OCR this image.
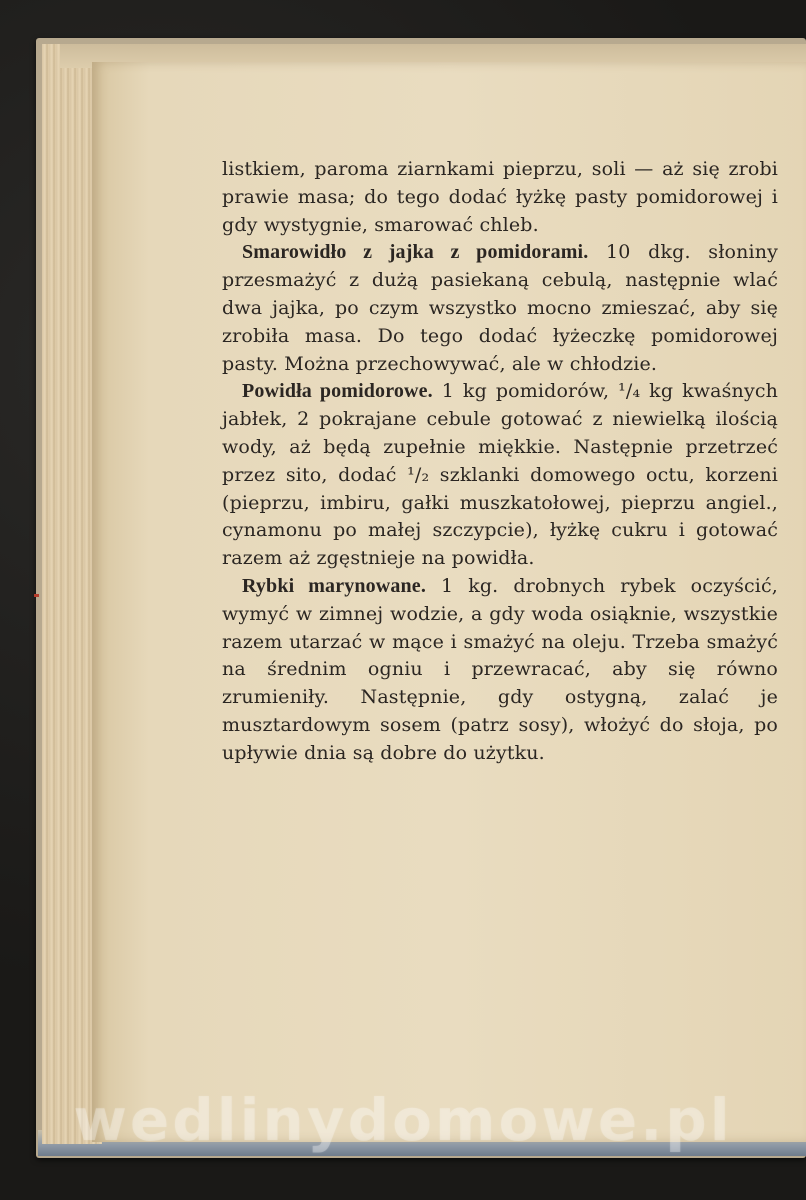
listkiem, paroma ziarnkami pieprzu, soli — aż się zrobi prawie masa; do tego dodać łyżkę pasty pomidorowej i gdy wystygnie, smarować chleb.

Smarowidło z jajka z pomidorami. 10 dkg. słoniny przesmażyć z dużą pasiekaną cebulą, następnie wlać dwa jajka, po czym wszystko mocno zmieszać, aby się zrobiła masa. Do tego dodać łyżeczkę pomidorowej pasty. Można przechowywać, ale w chłodzie.

Powidła pomidorowe. 1 kg pomidorów, ¹/₄ kg kwaśnych jabłek, 2 pokrajane cebule gotować z niewielką ilością wody, aż będą zupełnie miękkie. Następnie przetrzeć przez sito, dodać ¹/₂ szklanki domowego octu, korzeni (pieprzu, imbiru, gałki muszkatołowej, pieprzu angiel., cynamonu po małej szczypcie), łyżkę cukru i gotować razem aż zgęstnieje na powidła.

Rybki marynowane. 1 kg. drobnych rybek oczyścić, wymyć w zimnej wodzie, a gdy woda osiąknie, wszystkie razem utarzać w mące i smażyć na oleju. Trzeba smażyć na średnim ogniu i przewracać, aby się równo zrumieniły. Następnie, gdy ostygną, zalać je musztardowym sosem (patrz sosy), włożyć do słoja, po upływie dnia są dobre do użytku.

wedlinydomowe.pl
